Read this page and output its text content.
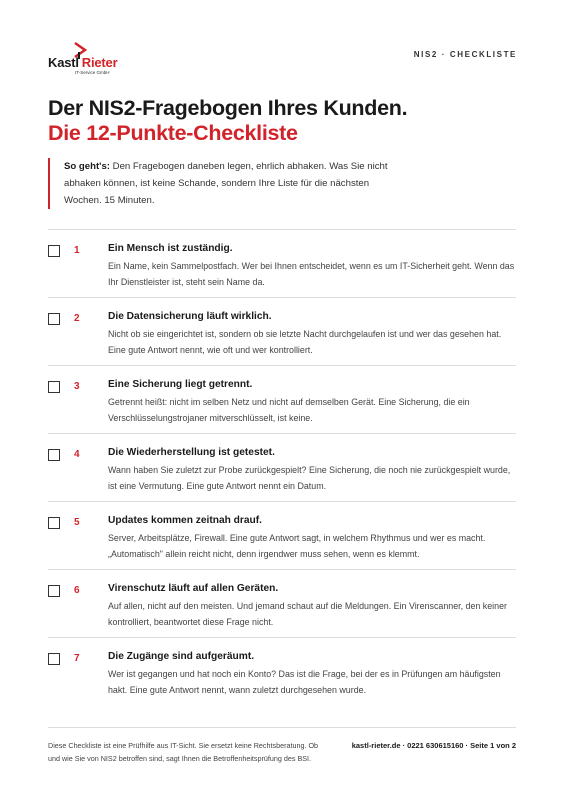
Kastl Rieter
IT-Service GmbH
NIS2 · CHECKLISTE
Der NIS2-Fragebogen Ihres Kunden.
Die 12-Punkte-Checkliste
So geht's: Den Fragebogen daneben legen, ehrlich abhaken. Was Sie nicht abhaken können, ist keine Schande, sondern Ihre Liste für die nächsten Wochen. 15 Minuten.
1	Ein Mensch ist zuständig.
Ein Name, kein Sammelpostfach. Wer bei Ihnen entscheidet, wenn es um IT-Sicherheit geht. Wenn das Ihr Dienstleister ist, steht sein Name da.
2	Die Datensicherung läuft wirklich.
Nicht ob sie eingerichtet ist, sondern ob sie letzte Nacht durchgelaufen ist und wer das gesehen hat. Eine gute Antwort nennt, wie oft und wer kontrolliert.
3	Eine Sicherung liegt getrennt.
Getrennt heißt: nicht im selben Netz und nicht auf demselben Gerät. Eine Sicherung, die ein Verschlüsselungstrojaner mitverschlüsselt, ist keine.
4	Die Wiederherstellung ist getestet.
Wann haben Sie zuletzt zur Probe zurückgespielt? Eine Sicherung, die noch nie zurückgespielt wurde, ist eine Vermutung. Eine gute Antwort nennt ein Datum.
5	Updates kommen zeitnah drauf.
Server, Arbeitsplätze, Firewall. Eine gute Antwort sagt, in welchem Rhythmus und wer es macht. „Automatisch" allein reicht nicht, denn irgendwer muss sehen, wenn es klemmt.
6	Virenschutz läuft auf allen Geräten.
Auf allen, nicht auf den meisten. Und jemand schaut auf die Meldungen. Ein Virenscanner, den keiner kontrolliert, beantwortet diese Frage nicht.
7	Die Zugänge sind aufgeräumt.
Wer ist gegangen und hat noch ein Konto? Das ist die Frage, bei der es in Prüfungen am häufigsten hakt. Eine gute Antwort nennt, wann zuletzt durchgesehen wurde.
Diese Checkliste ist eine Prüfhilfe aus IT-Sicht. Sie ersetzt keine Rechtsberatung. Ob und wie Sie von NIS2 betroffen sind, sagt Ihnen die Betroffenheitsprüfung des BSI.
kastl-rieter.de · 0221 630615160 · Seite 1 von 2
